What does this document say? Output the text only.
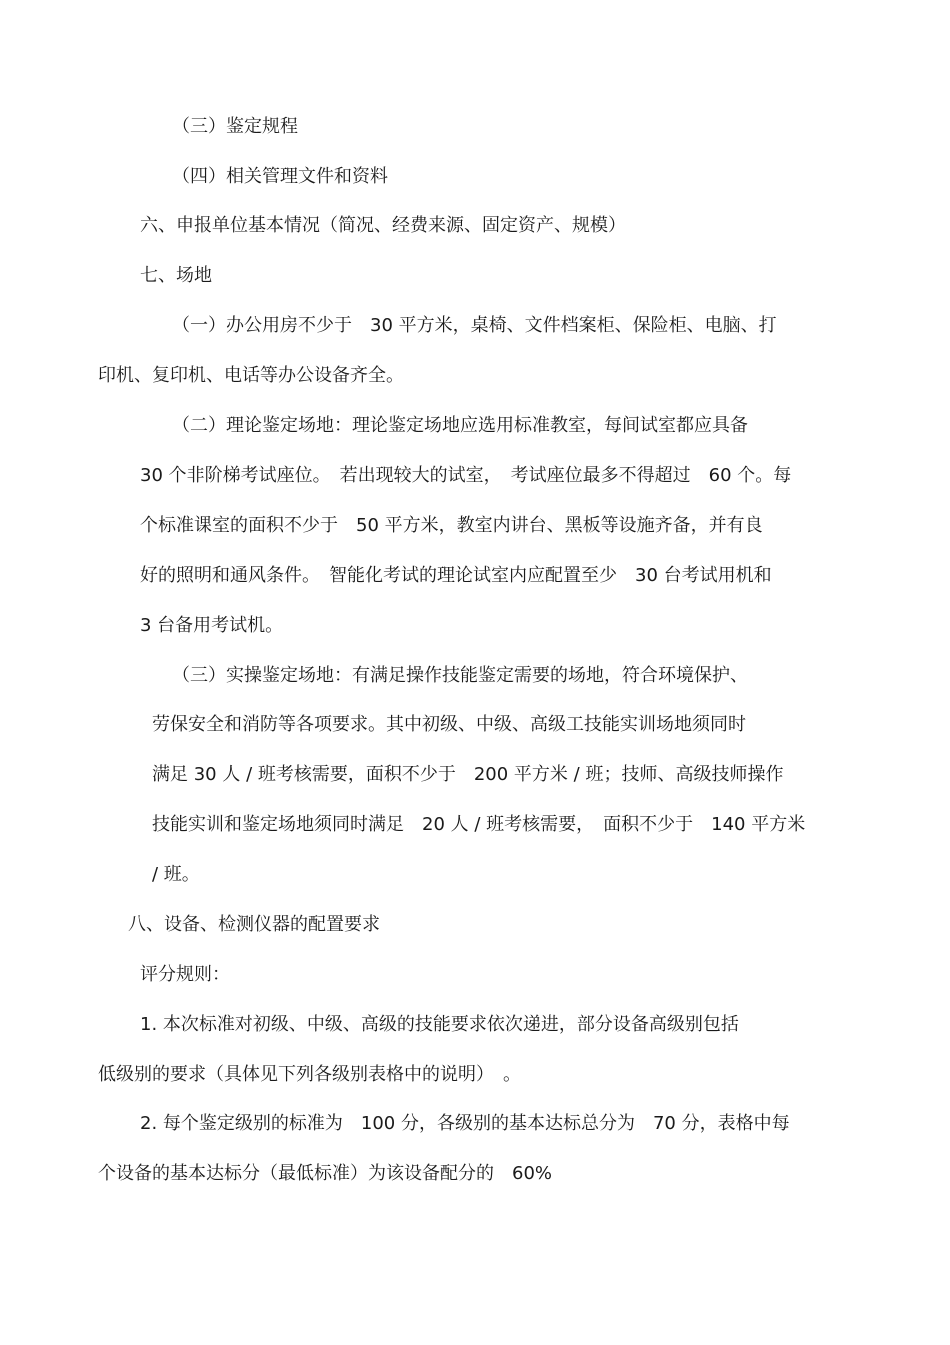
（三）鉴定规程
（四）相关管理文件和资料
六、申报单位基本情况（简况、经费来源、固定资产、规模）
七、场地
（一）办公用房不少于　30 平方米，桌椅、文件档案柜、保险柜、电脑、打
印机、复印机、电话等办公设备齐全。
（二）理论鉴定场地：理论鉴定场地应选用标准教室，每间试室都应具备
30 个非阶梯考试座位。　若出现较大的试室，　考试座位最多不得超过　60 个。每
个标准课室的面积不少于　50 平方米，教室内讲台、黑板等设施齐备，并有良
好的照明和通风条件。　智能化考试的理论试室内应配置至少　30 台考试用机和
3 台备用考试机。
（三）实操鉴定场地：有满足操作技能鉴定需要的场地，符合环境保护、
劳保安全和消防等各项要求。其中初级、中级、高级工技能实训场地须同时
满足 30 人 / 班考核需要，面积不少于　200 平方米 / 班；技师、高级技师操作
技能实训和鉴定场地须同时满足　20 人 / 班考核需要，　面积不少于　140 平方米
/ 班。
八、设备、检测仪器的配置要求
评分规则：
1. 本次标准对初级、中级、高级的技能要求依次递进，部分设备高级别包括
低级别的要求（具体见下列各级别表格中的说明）　。
2. 每个鉴定级别的标准为　100 分，各级别的基本达标总分为　70 分，表格中每
个设备的基本达标分（最低标准）为该设备配分的　60%
